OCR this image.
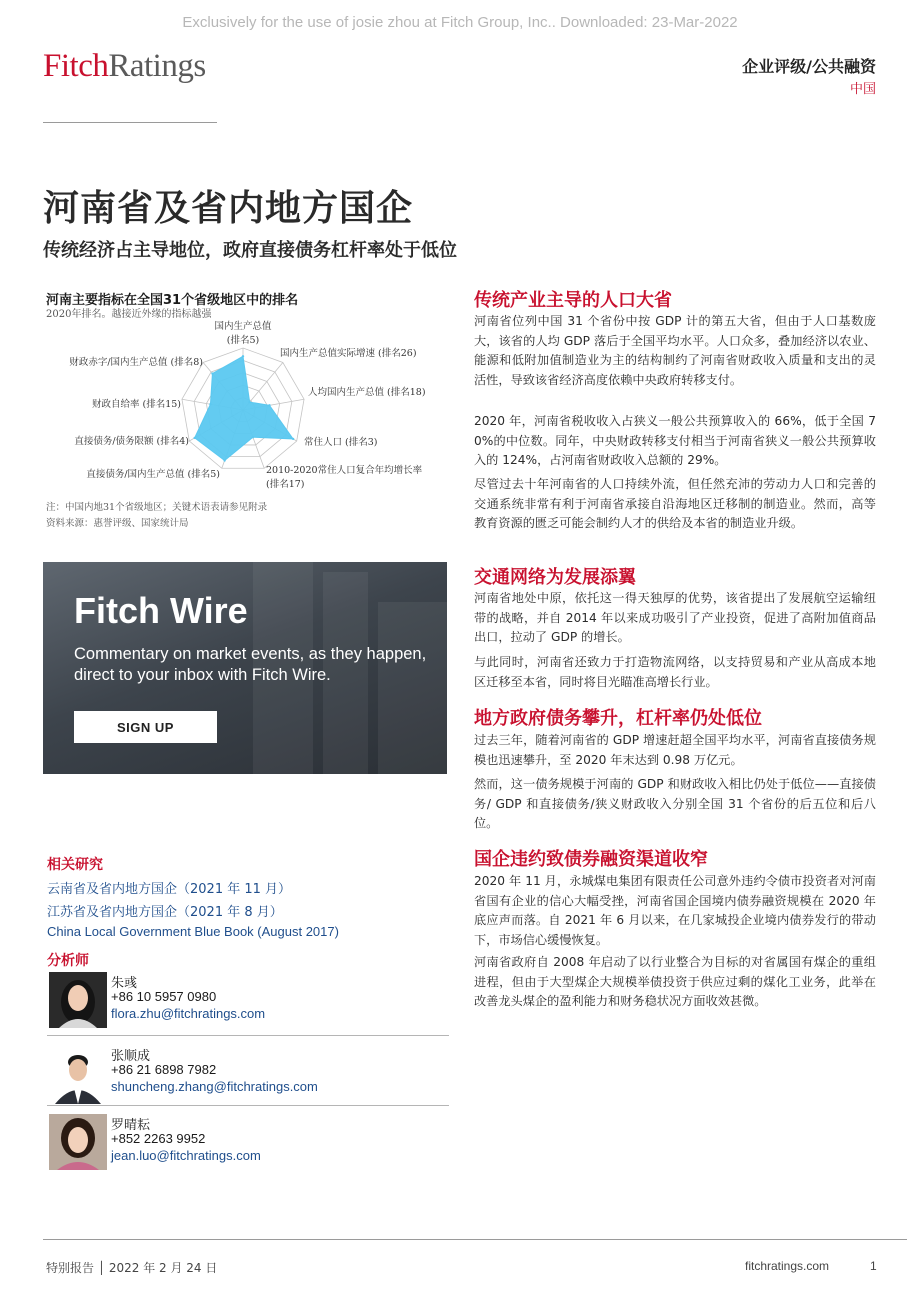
Exclusively for the use of josie zhou at Fitch Group, Inc.. Downloaded: 23-Mar-2022
FitchRatings	企业评级/公共融资
中国
河南省及省内地方国企
传统经济占主导地位，政府直接债务杠杆率处于低位
河南主要指标在全国31个省级地区中的排名
2020年排名。越接近外缘的指标越强
国内生产总值
(排名5)
国内生产总值实际增速 (排名26)
人均国内生产总值 (排名18)
常住人口 (排名3)
2010-2020常住人口复合年均增长率
(排名17)
直接债务/国内生产总值 (排名5)
直接债务/债务限额 (排名4)
财政自给率 (排名15)
财政赤字/国内生产总值 (排名8)
注：中国内地31个省级地区；关键术语表请参见附录
资料来源：惠誉评级、国家统计局
Fitch Wire
Commentary on market events, as they happen, direct to your inbox with Fitch Wire.
SIGN UP
相关研究
云南省及省内地方国企（2021 年 11 月）
江苏省及省内地方国企（2021 年 8 月）
China Local Government Blue Book (August 2017)
分析师
朱彧
+86 10 5957 0980
flora.zhu@fitchratings.com
张顺成
+86 21 6898 7982
shuncheng.zhang@fitchratings.com
罗晴耘
+852 2263 9952
jean.luo@fitchratings.com
传统产业主导的人口大省
河南省位列中国 31 个省份中按 GDP 计的第五大省，但由于人口基数庞大，该省的人均 GDP 落后于全国平均水平。人口众多，叠加经济以农业、能源和低附加值制造业为主的结构制约了河南省财政收入质量和支出的灵活性，导致该省经济高度依赖中央政府转移支付。
2020 年，河南省税收收入占狭义一般公共预算收入的 66%，低于全国 70%的中位数。同年，中央财政转移支付相当于河南省狭义一般公共预算收入的 124%，占河南省财政收入总额的 29%。
尽管过去十年河南省的人口持续外流，但任然充沛的劳动力人口和完善的交通系统非常有利于河南省承接自沿海地区迁移制的制造业。然而，高等教育资源的匮乏可能会制约人才的供给及本省的制造业升级。
交通网络为发展添翼
河南省地处中原，依托这一得天独厚的优势，该省提出了发展航空运输纽带的战略，并自 2014 年以来成功吸引了产业投资，促进了高附加值商品出口，拉动了 GDP 的增长。
与此同时，河南省还致力于打造物流网络，以支持贸易和产业从高成本地区迁移至本省，同时将目光瞄准高增长行业。
地方政府债务攀升，杠杆率仍处低位
过去三年，随着河南省的 GDP 增速赶超全国平均水平，河南省直接债务规模也迅速攀升，至 2020 年末达到 0.98 万亿元。
然而，这一债务规模于河南的 GDP 和财政收入相比仍处于低位——直接债务/ GDP 和直接债务/狭义财政收入分别全国 31 个省份的后五位和后八位。
国企违约致债券融资渠道收窄
2020 年 11 月，永城煤电集团有限责任公司意外违约令债市投资者对河南省国有企业的信心大幅受挫，河南省国企国境内债券融资规模在 2020 年底应声而落。自 2021 年 6 月以来，在几家城投企业境内债券发行的带动下，市场信心缓慢恢复。
河南省政府自 2008 年启动了以行业整合为目标的对省属国有煤企的重组进程，但由于大型煤企大规模举债投资于供应过剩的煤化工业务，此举在改善龙头煤企的盈利能力和财务稳状况方面收效甚微。
特别报告 │ 2022 年 2 月 24 日	fitchratings.com	1
